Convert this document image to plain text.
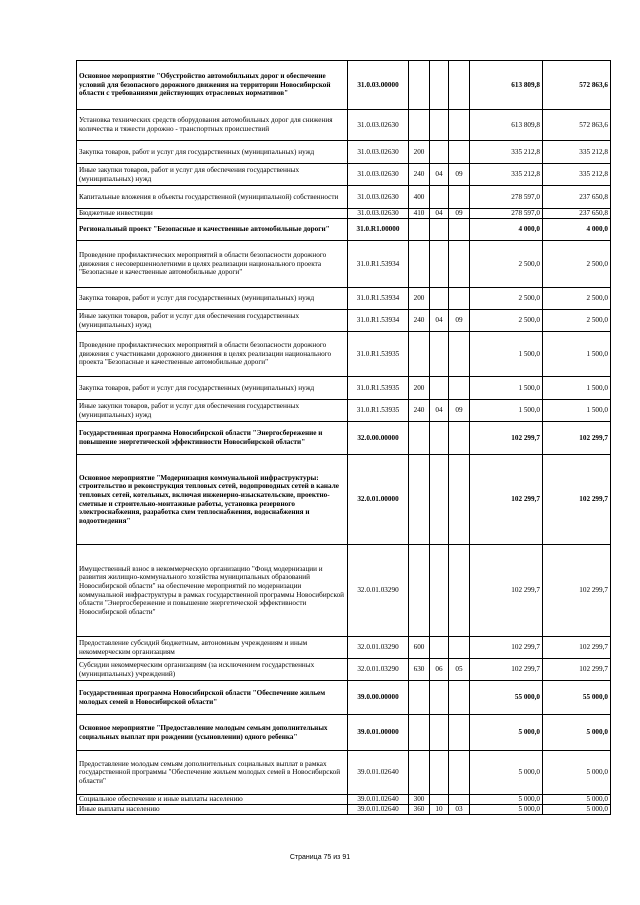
Основное мероприятие "Обустройство автомобильных дорог и обеспечение условий для безопасного дорожного движения на территории Новосибирской области с требованиями действующих отраслевых нормативов"	31.0.03.00000				613 809,8	572 863,6
Установка технических средств оборудования автомобильных дорог для снижения количества и тяжести дорожно - транспортных происшествий	31.0.03.02630				613 809,8	572 863,6
Закупка товаров, работ и услуг для государственных (муниципальных) нужд	31.0.03.02630	200			335 212,8	335 212,8
Иные закупки товаров, работ и услуг для обеспечения государственных (муниципальных) нужд	31.0.03.02630	240	04	09	335 212,8	335 212,8
Капитальные вложения в объекты государственной (муниципальной) собственности	31.0.03.02630	400			278 597,0	237 650,8
Бюджетные инвестиции	31.0.03.02630	410	04	09	278 597,0	237 650,8
Региональный проект "Безопасные и качественные автомобильные дороги"	31.0.R1.00000				4 000,0	4 000,0
Проведение профилактических мероприятий в области безопасности дорожного движения с несовершеннолетними в целях реализации национального проекта "Безопасные и качественные автомобильные дороги"	31.0.R1.53934				2 500,0	2 500,0
Закупка товаров, работ и услуг для государственных (муниципальных) нужд	31.0.R1.53934	200			2 500,0	2 500,0
Иные закупки товаров, работ и услуг для обеспечения государственных (муниципальных) нужд	31.0.R1.53934	240	04	09	2 500,0	2 500,0
Проведение профилактических мероприятий в области безопасности дорожного движения с участниками дорожного движения в целях реализации национального проекта "Безопасные и качественные автомобильные дороги"	31.0.R1.53935				1 500,0	1 500,0
Закупка товаров, работ и услуг для государственных (муниципальных) нужд	31.0.R1.53935	200			1 500,0	1 500,0
Иные закупки товаров, работ и услуг для обеспечения государственных (муниципальных) нужд	31.0.R1.53935	240	04	09	1 500,0	1 500,0
Государственная программа Новосибирской области "Энергосбережение и повышение энергетической эффективности Новосибирской области"	32.0.00.00000				102 299,7	102 299,7
Основное мероприятие "Модернизация коммунальной инфраструктуры: строительство и реконструкция тепловых сетей, водопроводных сетей в канале тепловых сетей, котельных, включая инженерно-изыскательские, проектно-сметные и строительно-монтажные работы, установка резервного электроснабжения, разработка схем теплоснабжения, водоснабжения и водоотведения"	32.0.01.00000				102 299,7	102 299,7
Имущественный взнос в некоммерческую организацию "Фонд модернизации и развития жилищно-коммунального хозяйства муниципальных образований Новосибирской области" на обеспечение мероприятий по модернизации коммунальной инфраструктуры в рамках государственной программы Новосибирской области "Энергосбережение и повышение энергетической эффективности Новосибирской области"	32.0.01.03290				102 299,7	102 299,7
Предоставление субсидий бюджетным, автономным учреждениям и иным некоммерческим организациям	32.0.01.03290	600			102 299,7	102 299,7
Субсидии некоммерческим организациям (за исключением государственных (муниципальных) учреждений)	32.0.01.03290	630	06	05	102 299,7	102 299,7
Государственная программа Новосибирской области "Обеспечение жильем молодых семей в Новосибирской области"	39.0.00.00000				55 000,0	55 000,0
Основное мероприятие "Предоставление молодым семьям дополнительных социальных выплат при рождении (усыновлении) одного ребенка"	39.0.01.00000				5 000,0	5 000,0
Предоставление молодым семьям дополнительных социальных выплат в рамках государственной программы "Обеспечение жильем молодых семей в Новосибирской области"	39.0.01.02640				5 000,0	5 000,0
Социальное обеспечение и иные выплаты населению	39.0.01.02640	300			5 000,0	5 000,0
Иные выплаты населению	39.0.01.02640	360	10	03	5 000,0	5 000,0
Страница 75 из 91
